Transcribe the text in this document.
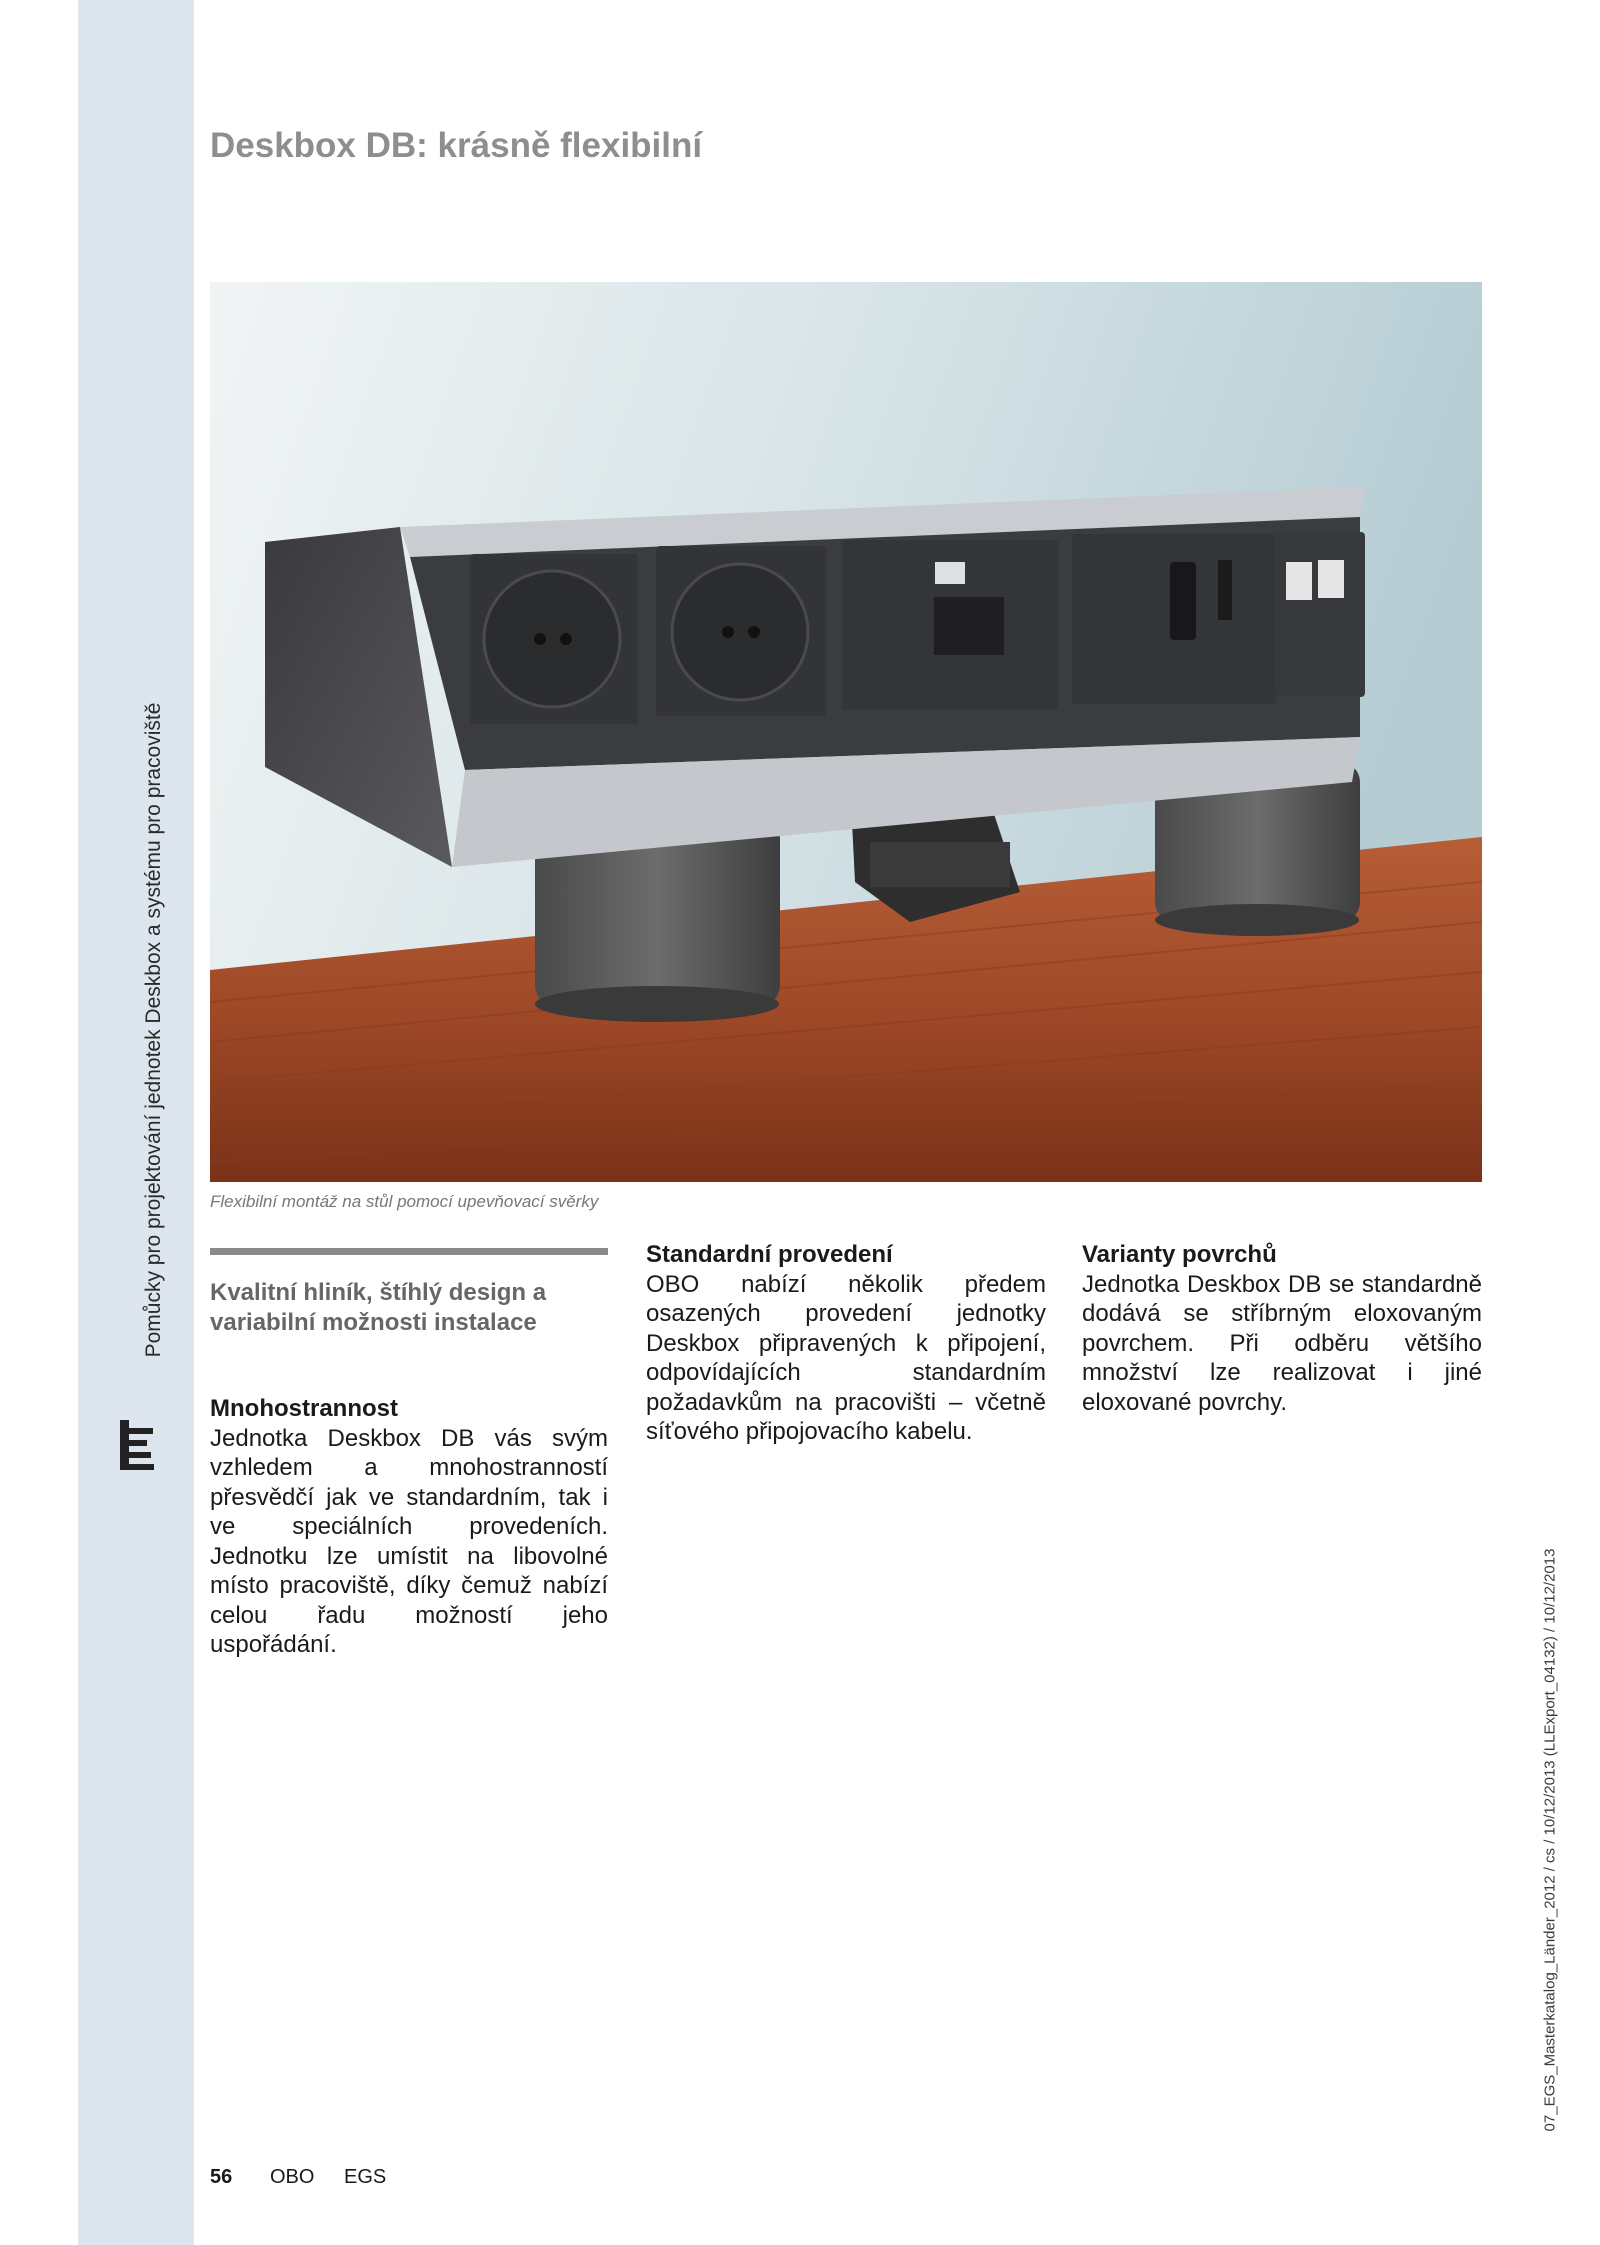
Pomůcky pro projektování jednotek Deskbox a systému pro pracoviště
Deskbox DB: krásně flexibilní
Flexibilní montáž na stůl pomocí upevňovací svěrky

Kvalitní hliník, štíhlý design a variabilní možnosti instalace

Mnohostrannost

Jednotka Deskbox DB vás svým vzhledem a mnohostranností přesvědčí jak ve standardním, tak i ve speciálních provedeních. Jednotku lze umístit na libovolné místo pracoviště, díky čemuž nabízí celou řadu možností jeho uspořádání.

Standardní provedení

OBO nabízí několik předem osazených provedení jednotky Deskbox připravených k připojení, odpovídajících standardním požadavkům na pracovišti – včetně síťového připojovacího kabelu.

Varianty povrchů

Jednotka Deskbox DB se standardně dodává se stříbrným eloxovaným povrchem. Při odběru většího množství lze realizovat i jiné eloxované povrchy.

56 OBO EGS
07_EGS_Masterkatalog_Länder_2012 / cs / 10/12/2013 (LLExport_04132) / 10/12/2013
